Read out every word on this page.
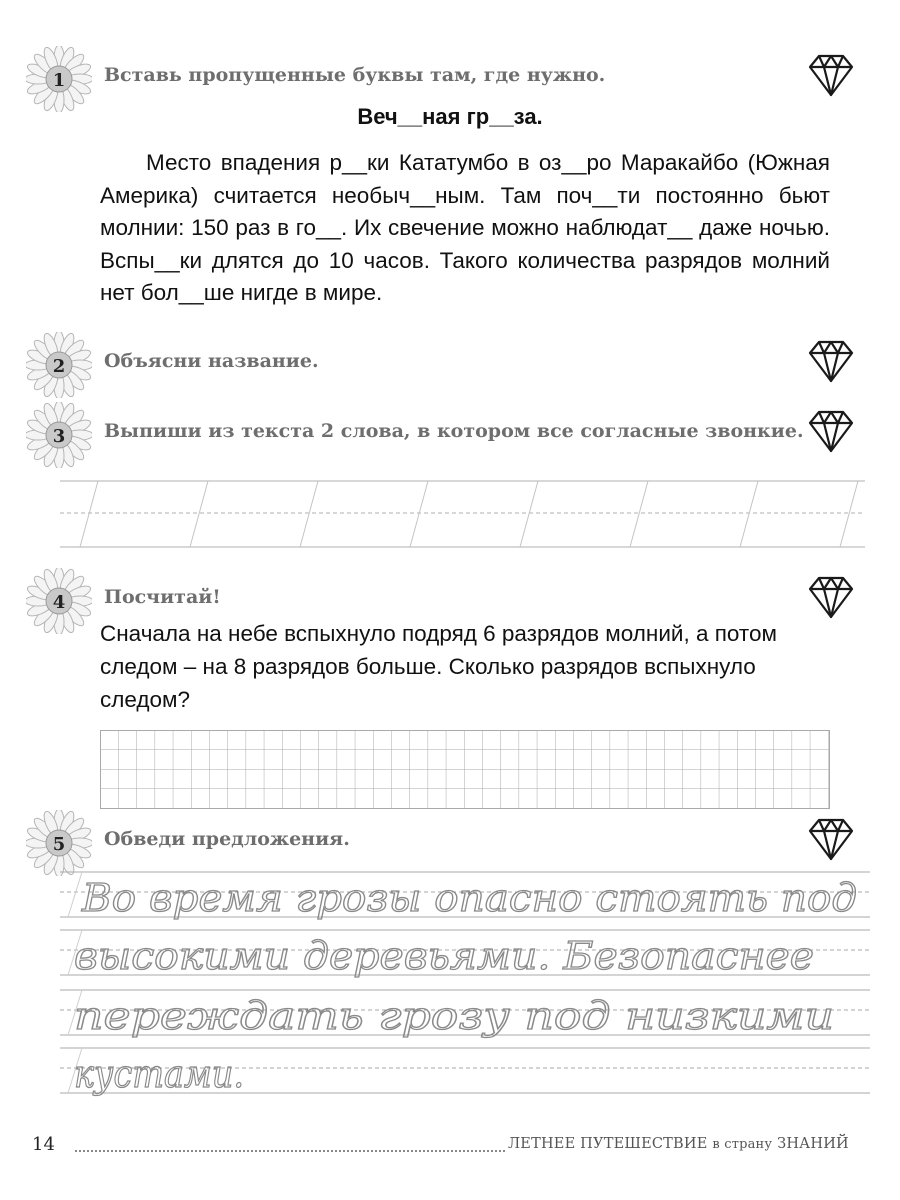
1 Вставь пропущенные буквы там, где нужно.
Веч__ная гр__за.

Место впадения р__ки Кататумбо в оз__ро Маракайбо (Южная Америка) считается необыч__ным. Там поч__ти постоянно бьют молнии: 150 раз в го__. Их свечение можно наблюдат__ даже ночью. Вспы__ки длятся до 10 часов. Такого количества разрядов молний нет бол__ше нигде в мире.

2 Объясни название.
3 Выпиши из текста 2 слова, в котором все согласные звонкие.
4 Посчитай!

Сначала на небе вспыхнуло подряд 6 разрядов молний, а потом следом – на 8 разрядов больше. Сколько разрядов вспыхнуло следом?

5 Обведи предложения.
Во время грозы опасно стоять под
высокими деревьями. Безопаснее
переждать грозу под низкими
кустами.
14	ЛЕТНЕЕ ПУТЕШЕСТВИЕ в страну ЗНАНИЙ
